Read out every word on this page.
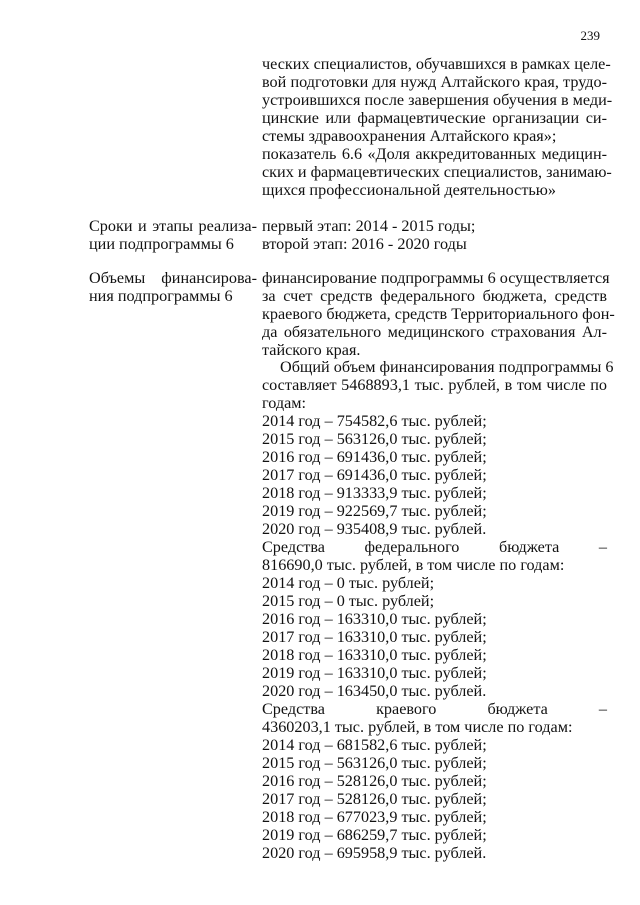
239
ческих специалистов, обучавшихся в рамках целе-
вой подготовки для нужд Алтайского края, трудо-
устроившихся после завершения обучения в меди-
цинские или фармацевтические организации си-
стемы здравоохранения Алтайского края»;
показатель 6.6 «Доля аккредитованных медицин-
ских и фармацевтических специалистов, занимаю-
щихся профессиональной деятельностью»
Сроки и этапы реализа-
ции подпрограммы 6
первый этап: 2014 - 2015 годы;
второй этап: 2016 - 2020 годы
Объемы финансирова-
ния подпрограммы 6
финансирование подпрограммы 6 осуществляется
за счет средств федерального бюджета, средств
краевого бюджета, средств Территориального фон-
да обязательного медицинского страхования Ал-
тайского края.
Общий объем финансирования подпрограммы 6
составляет 5468893,1 тыс. рублей, в том числе по
годам:
2014 год – 754582,6 тыс. рублей;
2015 год – 563126,0 тыс. рублей;
2016 год – 691436,0 тыс. рублей;
2017 год – 691436,0 тыс. рублей;
2018 год – 913333,9 тыс. рублей;
2019 год – 922569,7 тыс. рублей;
2020 год – 935408,9 тыс. рублей.
Средства федерального бюджета –
816690,0 тыс. рублей, в том числе по годам:
2014 год – 0 тыс. рублей;
2015 год – 0 тыс. рублей;
2016 год – 163310,0 тыс. рублей;
2017 год – 163310,0 тыс. рублей;
2018 год – 163310,0 тыс. рублей;
2019 год – 163310,0 тыс. рублей;
2020 год – 163450,0 тыс. рублей.
Средства краевого бюджета –
4360203,1 тыс. рублей, в том числе по годам:
2014 год – 681582,6 тыс. рублей;
2015 год – 563126,0 тыс. рублей;
2016 год – 528126,0 тыс. рублей;
2017 год – 528126,0 тыс. рублей;
2018 год – 677023,9 тыс. рублей;
2019 год – 686259,7 тыс. рублей;
2020 год – 695958,9 тыс. рублей.
